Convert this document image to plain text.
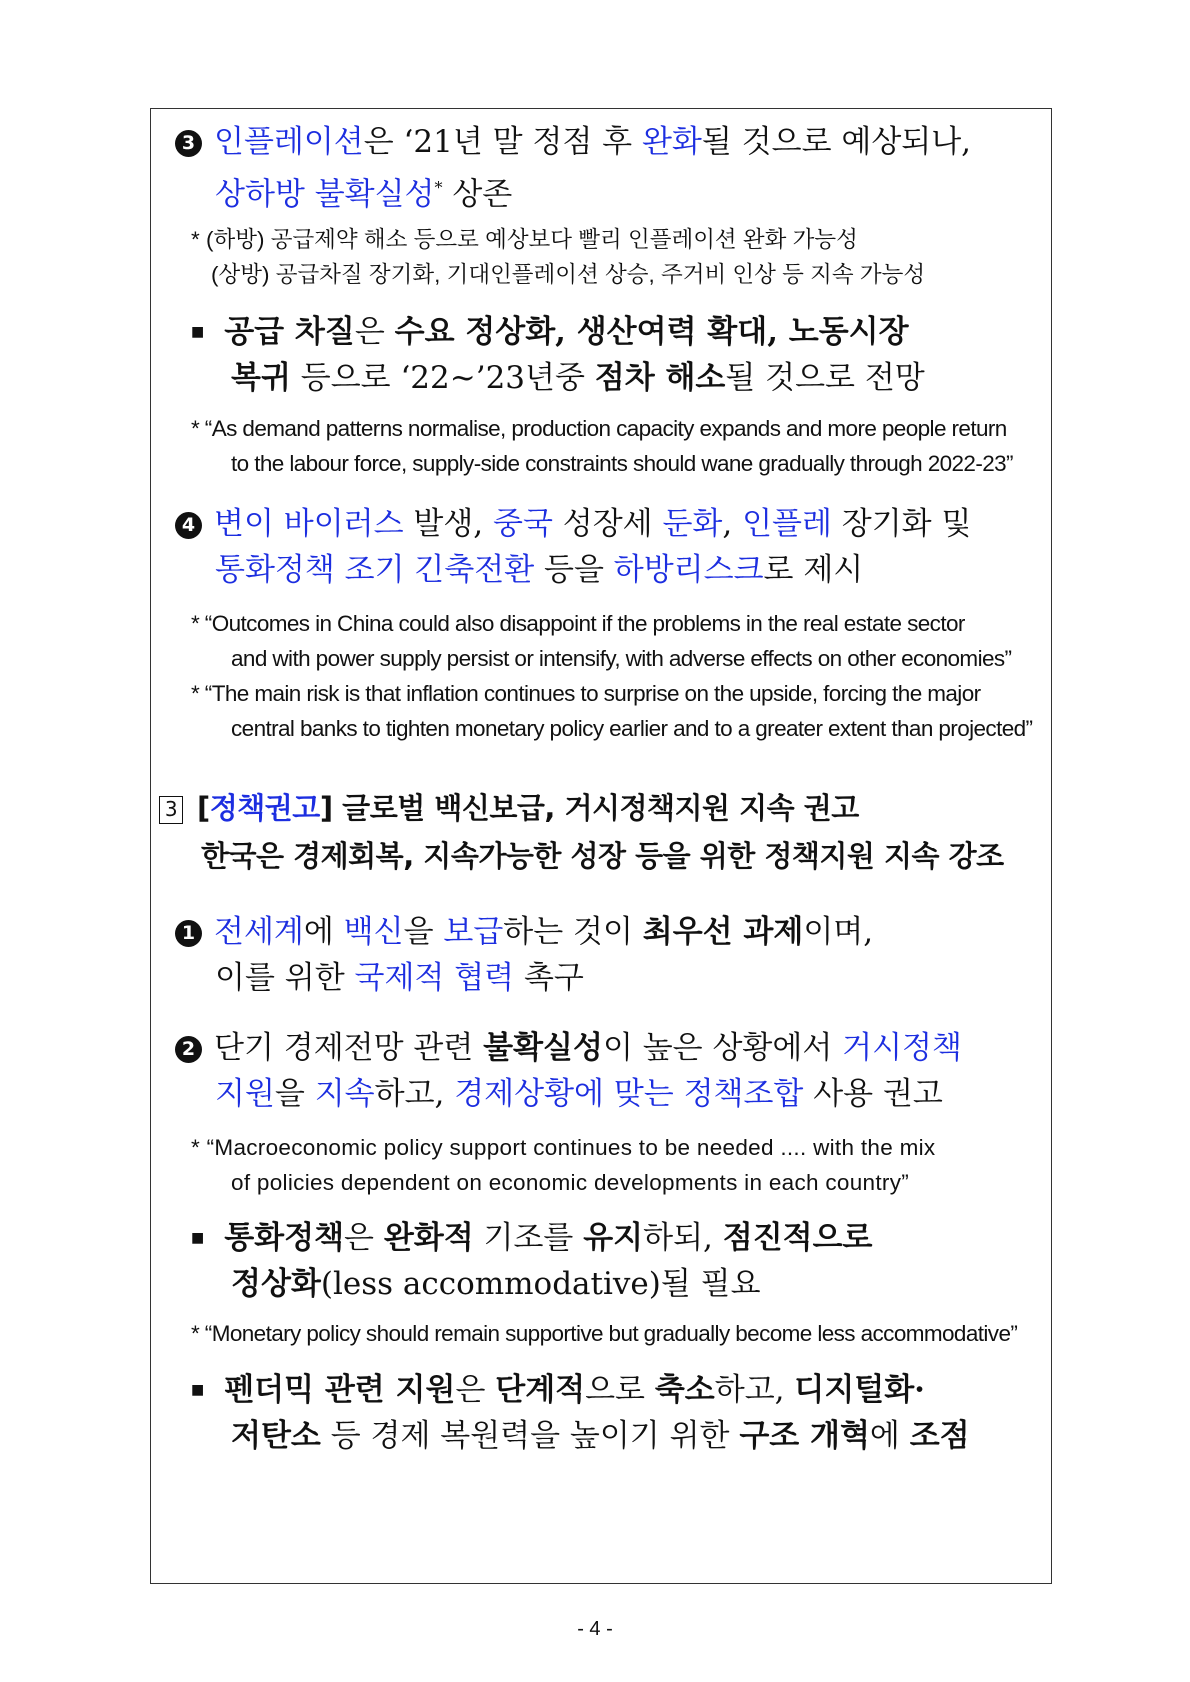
3 인플레이션은 ‘21년 말 정점 후 완화될 것으로 예상되나,
상하방 불확실성* 상존
* (하방) 공급제약 해소 등으로 예상보다 빨리 인플레이션 완화 가능성
(상방) 공급차질 장기화, 기대인플레이션 상승, 주거비 인상 등 지속 가능성
■ 공급 차질은 수요 정상화, 생산여력 확대, 노동시장
복귀 등으로 ‘22~’23년중 점차 해소될 것으로 전망
* “As demand patterns normalise, production capacity expands and more people return
to the labour force, supply-side constraints should wane gradually through 2022-23”
4 변이 바이러스 발생, 중국 성장세 둔화, 인플레 장기화 및
통화정책 조기 긴축전환 등을 하방리스크로 제시
* “Outcomes in China could also disappoint if the problems in the real estate sector
and with power supply persist or intensify, with adverse effects on other economies”
* “The main risk is that inflation continues to surprise on the upside, forcing the major
central banks to tighten monetary policy earlier and to a greater extent than projected”
3 [정책권고] 글로벌 백신보급, 거시정책지원 지속 권고
한국은 경제회복, 지속가능한 성장 등을 위한 정책지원 지속 강조
1 전세계에 백신을 보급하는 것이 최우선 과제이며,
이를 위한 국제적 협력 촉구
2 단기 경제전망 관련 불확실성이 높은 상황에서 거시정책
지원을 지속하고, 경제상황에 맞는 정책조합 사용 권고
* “Macroeconomic policy support continues to be needed .... with the mix
of policies dependent on economic developments in each country”
■ 통화정책은 완화적 기조를 유지하되, 점진적으로
정상화(less accommodative)될 필요
* “Monetary policy should remain supportive but gradually become less accommodative”
■ 펜더믹 관련 지원은 단계적으로 축소하고, 디지털화·
저탄소 등 경제 복원력을 높이기 위한 구조 개혁에 조점
- 4 -
